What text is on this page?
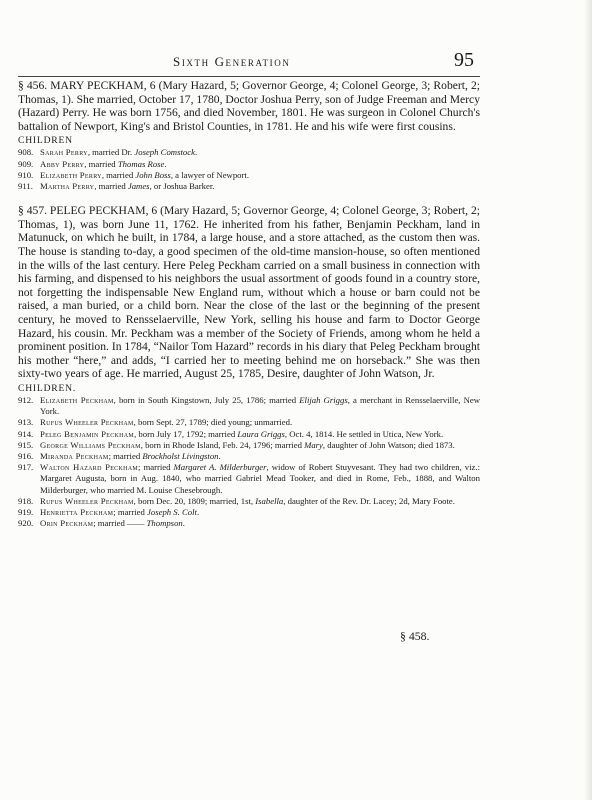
Sixth Generation	95

§ 456. MARY PECKHAM, 6 (Mary Hazard, 5; Governor George, 4; Colonel George, 3; Robert, 2; Thomas, 1). She married, October 17, 1780, Doctor Joshua Perry, son of Judge Freeman and Mercy (Hazard) Perry. He was born 1756, and died November, 1801. He was surgeon in Colonel Church's battalion of Newport, King's and Bristol Counties, in 1781. He and his wife were first cousins.

CHILDREN
908. Sarah Perry, married Dr. Joseph Comstock.
909. Abby Perry, married Thomas Rose.
910. Elizabeth Perry, married John Boss, a lawyer of Newport.
911. Martha Perry, married James, or Joshua Barker.

§ 457. PELEG PECKHAM, 6 (Mary Hazard, 5; Governor George, 4; Colonel George, 3; Robert, 2; Thomas, 1), was born June 11, 1762. He inherited from his father, Benjamin Peckham, land in Matunuck, on which he built, in 1784, a large house, and a store attached, as the custom then was. The house is standing to-day, a good specimen of the old-time mansion-house, so often mentioned in the wills of the last century. Here Peleg Peckham carried on a small business in connection with his farming, and dispensed to his neighbors the usual assortment of goods found in a country store, not forgetting the indispensable New England rum, without which a house or barn could not be raised, a man buried, or a child born. Near the close of the last or the beginning of the present century, he moved to Rensselaerville, New York, selling his house and farm to Doctor George Hazard, his cousin. Mr. Peckham was a member of the Society of Friends, among whom he held a prominent position. In 1784, “Nailor Tom Hazard” records in his diary that Peleg Peckham brought his mother “here,” and adds, “I carried her to meeting behind me on horseback.” She was then sixty-two years of age. He married, August 25, 1785, Desire, daughter of John Watson, Jr.

CHILDREN.
912. Elizabeth Peckham, born in South Kingstown, July 25, 1786; married Elijah Griggs, a merchant in Rensselaerville, New York.
913. Rufus Wheeler Peckham, born Sept. 27, 1789; died young; unmarried.
914. Peleg Benjamin Peckham, born July 17, 1792; married Laura Griggs, Oct. 4, 1814. He settled in Utica, New York.
915. George Williams Peckham, born in Rhode Island, Feb. 24, 1796; married Mary, daughter of John Watson; died 1873.
916. Miranda Peckham; married Brockholst Livingston.
917. Walton Hazard Peckham; married Margaret A. Milderburger, widow of Robert Stuyvesant. They had two children, viz.: Margaret Augusta, born in Aug. 1840, who married Gabriel Mead Tooker, and died in Rome, Feb., 1888, and Walton Milderburger, who married M. Louise Chesebrough.
918. Rufus Wheeler Peckham, born Dec. 20, 1809; married, 1st, Isabella, daughter of the Rev. Dr. Lacey; 2d, Mary Foote.
919. Henrietta Peckham; married Joseph S. Colt.
920. Orin Peckham; married —— Thompson.
§ 458.
